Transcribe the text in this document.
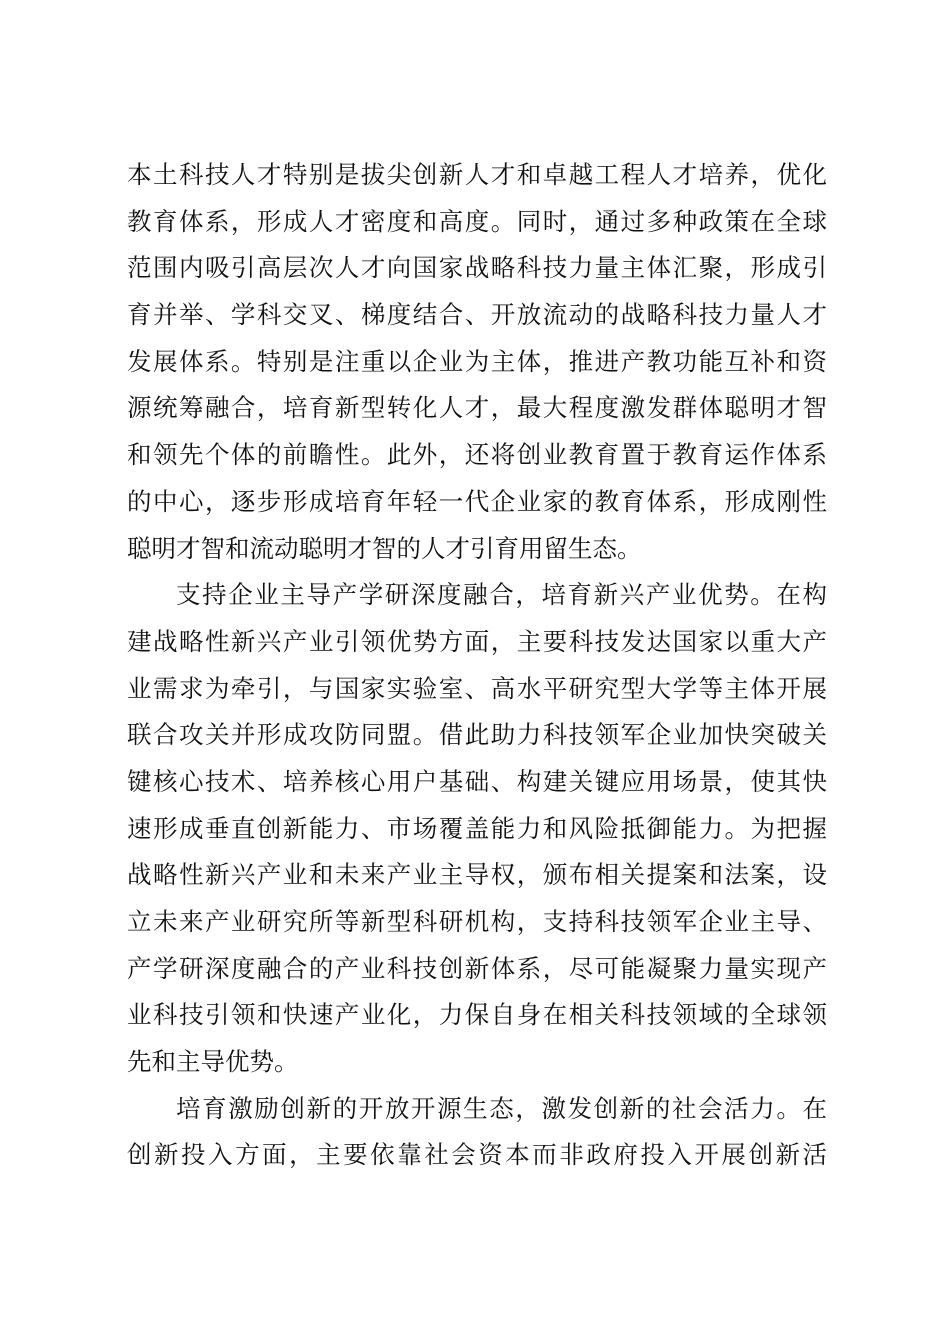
本土科技人才特别是拔尖创新人才和卓越工程人才培养，优化
教育体系，形成人才密度和高度。同时，通过多种政策在全球
范围内吸引高层次人才向国家战略科技力量主体汇聚，形成引
育并举、学科交叉、梯度结合、开放流动的战略科技力量人才
发展体系。特别是注重以企业为主体，推进产教功能互补和资
源统筹融合，培育新型转化人才，最大程度激发群体聪明才智
和领先个体的前瞻性。此外，还将创业教育置于教育运作体系
的中心，逐步形成培育年轻一代企业家的教育体系，形成刚性
聪明才智和流动聪明才智的人才引育用留生态。
支持企业主导产学研深度融合，培育新兴产业优势。在构
建战略性新兴产业引领优势方面，主要科技发达国家以重大产
业需求为牵引，与国家实验室、高水平研究型大学等主体开展
联合攻关并形成攻防同盟。借此助力科技领军企业加快突破关
键核心技术、培养核心用户基础、构建关键应用场景，使其快
速形成垂直创新能力、市场覆盖能力和风险抵御能力。为把握
战略性新兴产业和未来产业主导权，颁布相关提案和法案，设
立未来产业研究所等新型科研机构，支持科技领军企业主导、
产学研深度融合的产业科技创新体系，尽可能凝聚力量实现产
业科技引领和快速产业化，力保自身在相关科技领域的全球领
先和主导优势。
培育激励创新的开放开源生态，激发创新的社会活力。在
创新投入方面，主要依靠社会资本而非政府投入开展创新活
